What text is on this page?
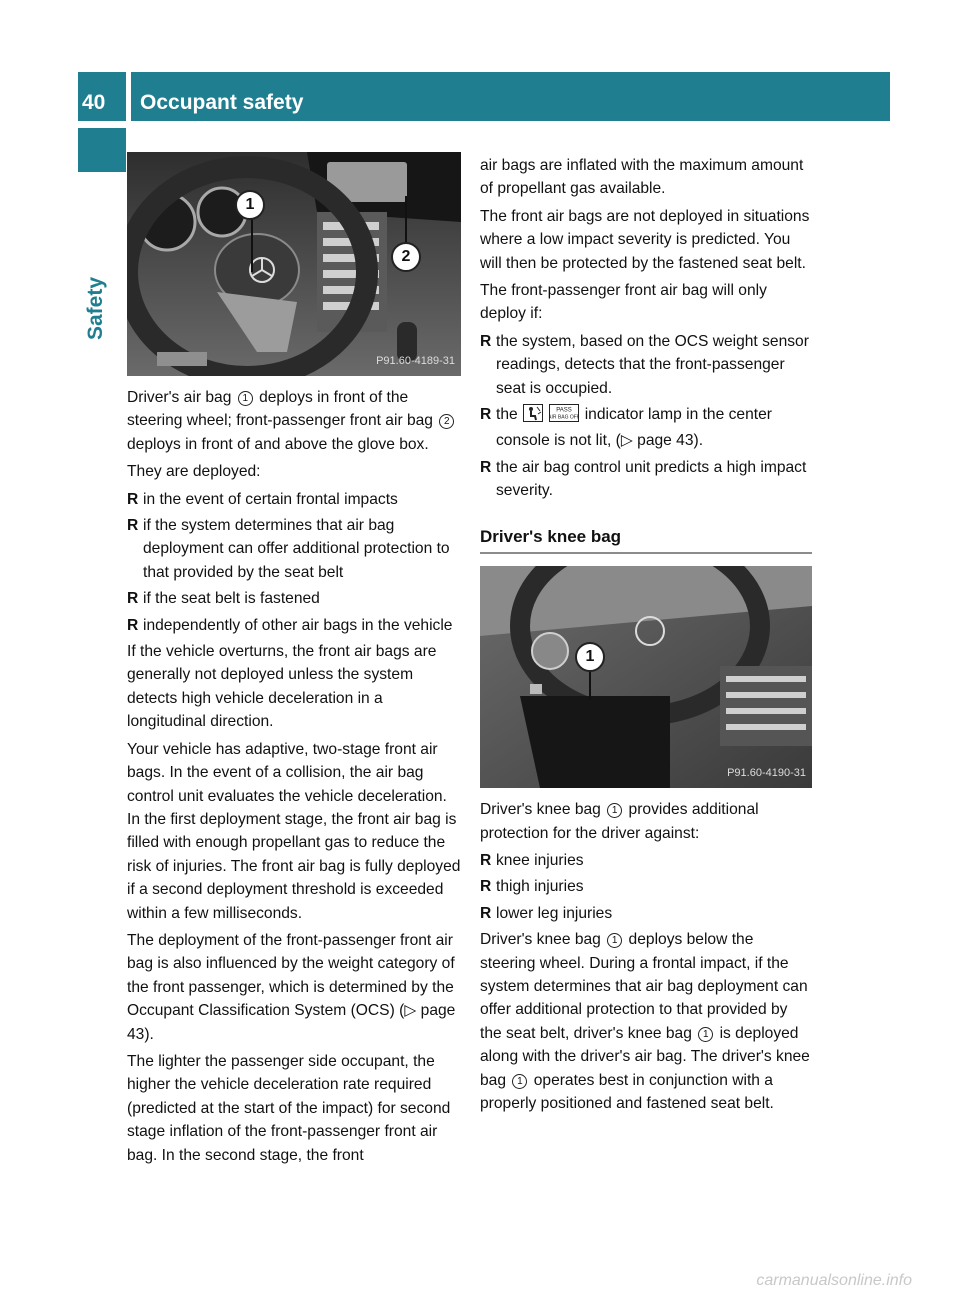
40	Occupant safety
Safety
1
2
P91.60-4189-31

Driver's air bag 1 deploys in front of the steering wheel; front-passenger front air bag 2 deploys in front of and above the glove box.

They are deployed:

R in the event of certain frontal impacts
R if the system determines that air bag deployment can offer additional protection to that provided by the seat belt
R if the seat belt is fastened
R independently of other air bags in the vehicle

If the vehicle overturns, the front air bags are generally not deployed unless the system detects high vehicle deceleration in a longitudinal direction.

Your vehicle has adaptive, two-stage front air bags. In the event of a collision, the air bag control unit evaluates the vehicle deceleration. In the first deployment stage, the front air bag is filled with enough propellant gas to reduce the risk of injuries. The front air bag is fully deployed if a second deployment threshold is exceeded within a few milliseconds.

The deployment of the front-passenger front air bag is also influenced by the weight category of the front passenger, which is determined by the Occupant Classification System (OCS) (▷ page 43).

The lighter the passenger side occupant, the higher the vehicle deceleration rate required (predicted at the start of the impact) for second stage inflation of the front-passenger front air bag. In the second stage, the front

air bags are inflated with the maximum amount of propellant gas available.

The front air bags are not deployed in situations where a low impact severity is predicted. You will then be protected by the fastened seat belt.

The front-passenger front air bag will only deploy if:

R the system, based on the OCS weight sensor readings, detects that the front-passenger seat is occupied.
R the	PASS
AIR BAG OFF indicator lamp in the center console is not lit, (▷ page 43).
R the air bag control unit predicts a high impact severity.
Driver's knee bag
1
P91.60-4190-31

Driver's knee bag 1 provides additional protection for the driver against:

R knee injuries
R thigh injuries
R lower leg injuries

Driver's knee bag 1 deploys below the steering wheel. During a frontal impact, if the system determines that air bag deployment can offer additional protection to that provided by the seat belt, driver's knee bag 1 is deployed along with the driver's air bag. The driver's knee bag 1 operates best in conjunction with a properly positioned and fastened seat belt.

carmanualsonline.info
